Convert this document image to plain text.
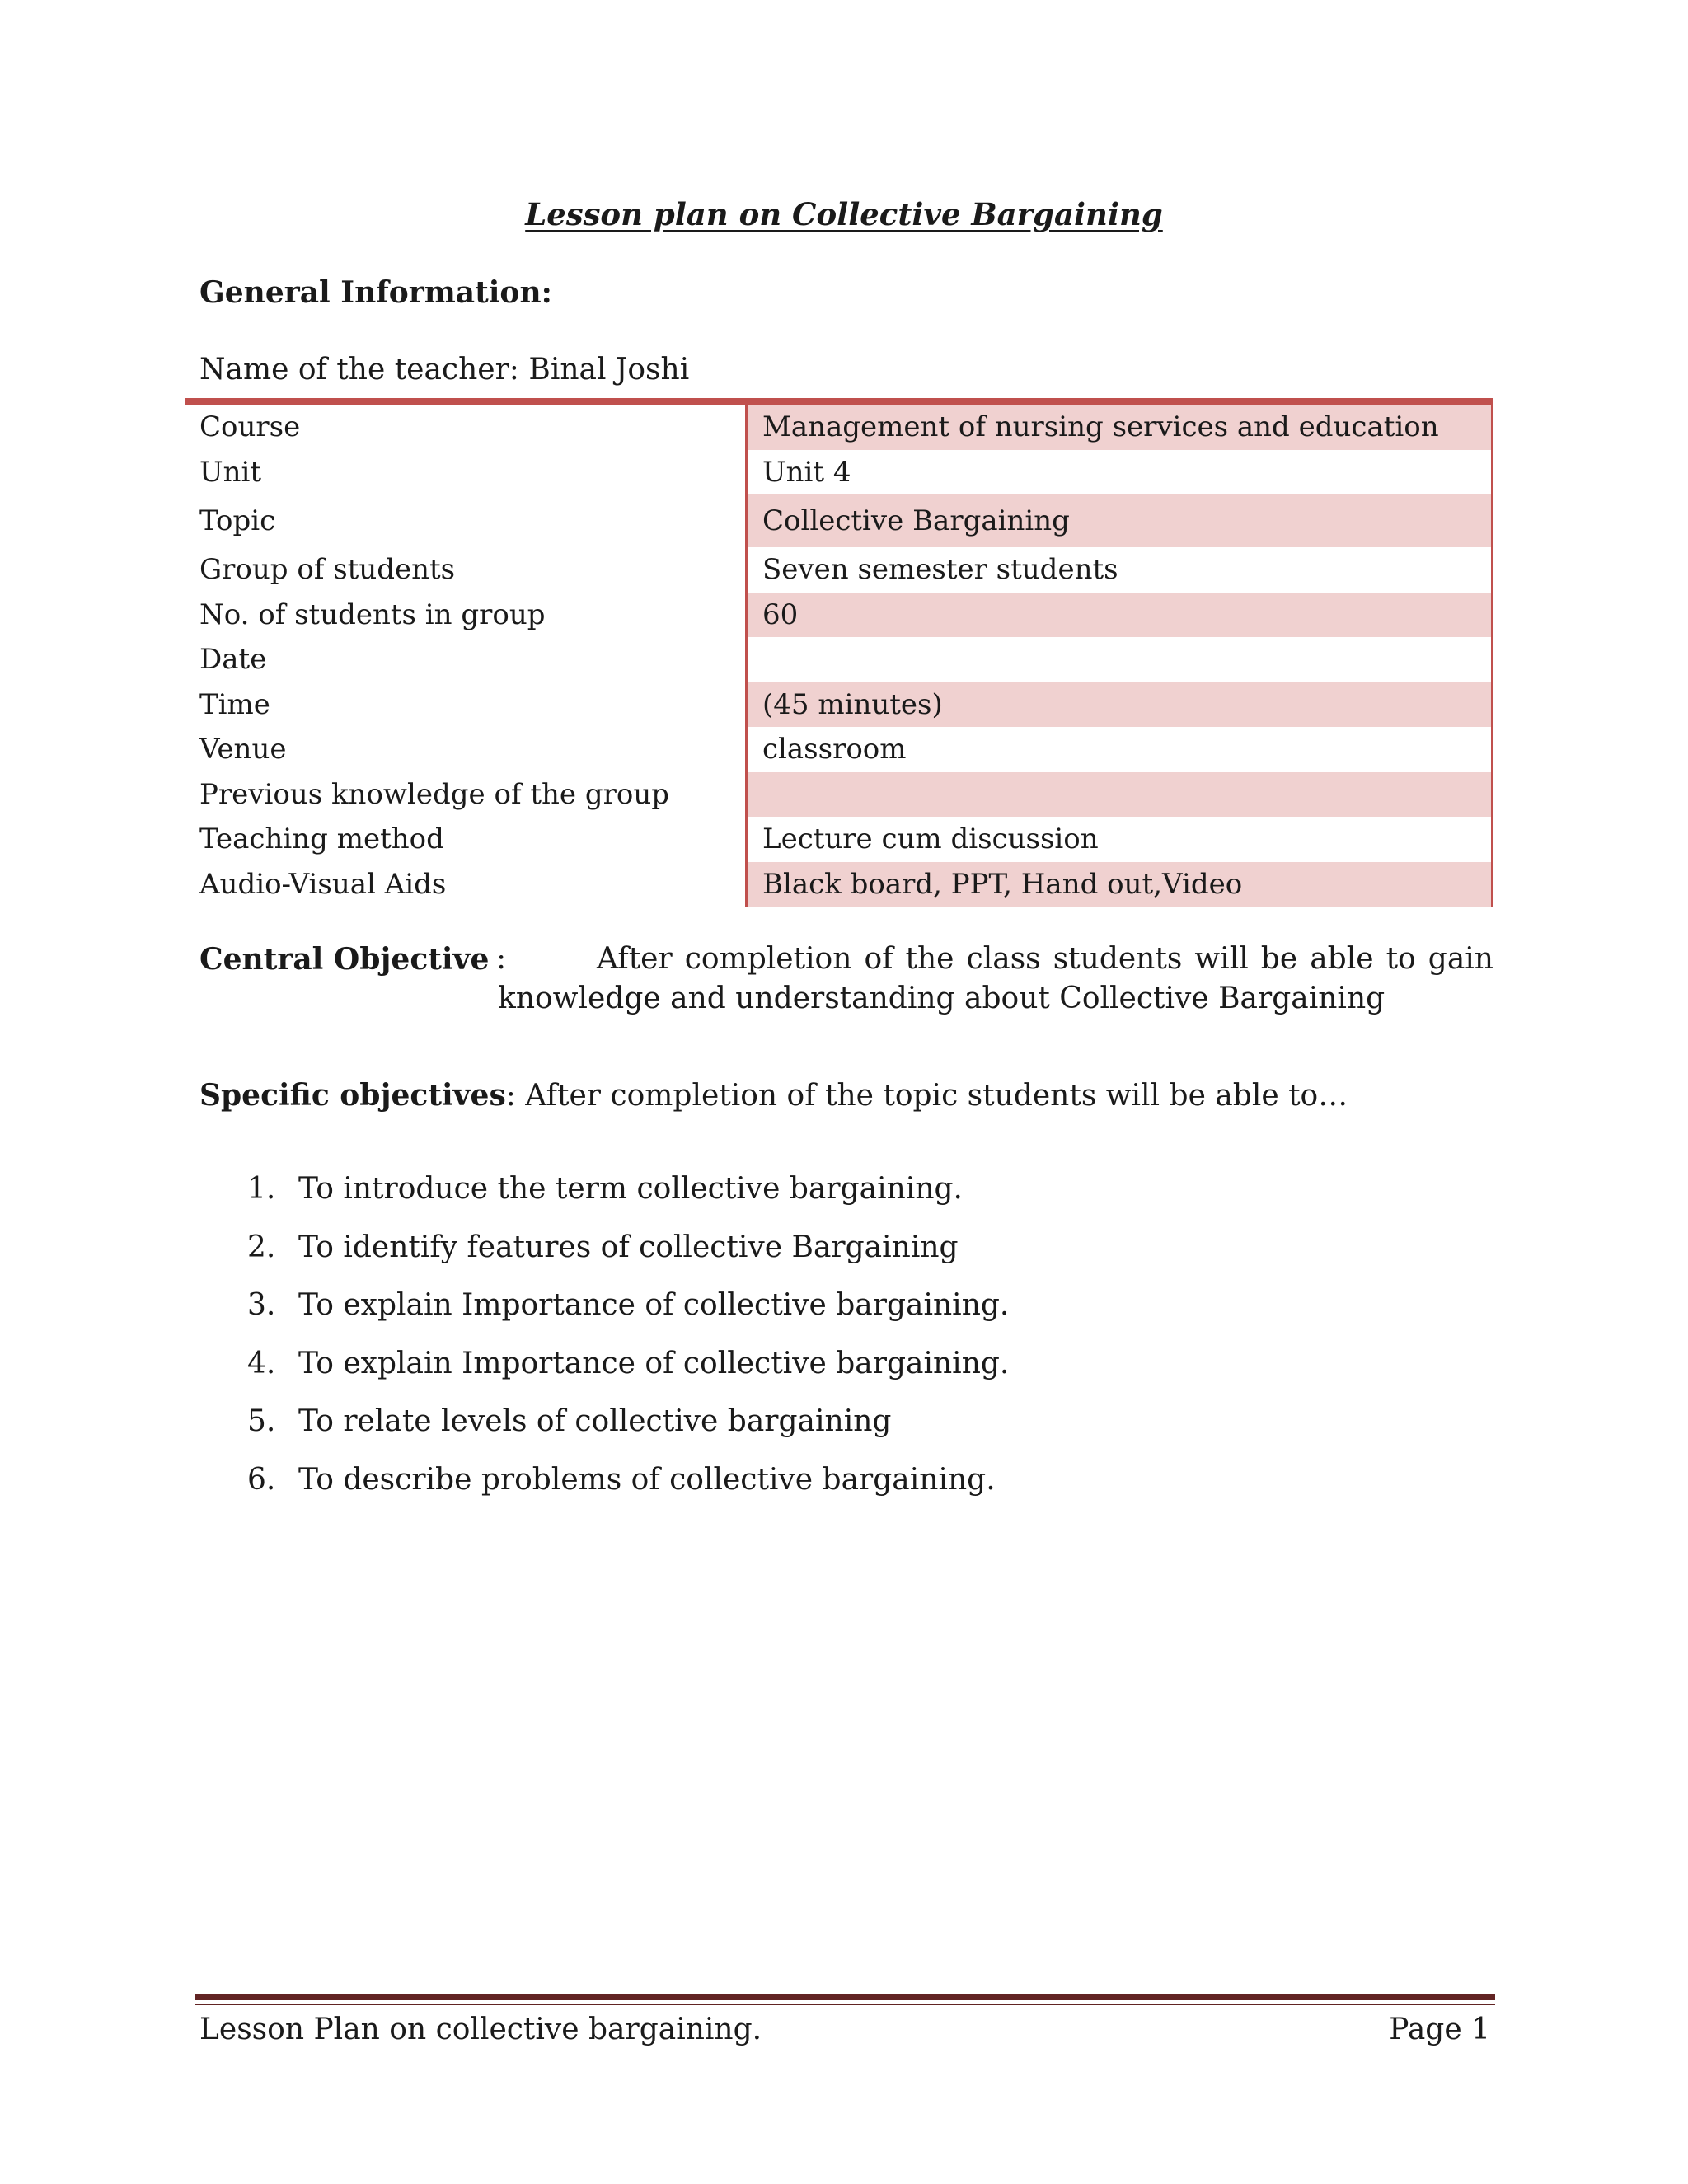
Lesson plan on Collective Bargaining
General Information:
Name of the teacher: Binal Joshi
Course	Management of nursing services and education
Unit	Unit 4
Topic	Collective Bargaining
Group of students	Seven semester students
No. of students in group	60
Date
Time	(45 minutes)
Venue	classroom
Previous knowledge of the group
Teaching method	Lecture cum discussion
Audio-Visual Aids	Black board, PPT, Hand out,Video
Central Objective :	After completion of the class students will be able to gain knowledge and understanding about Collective Bargaining
Specific objectives: After completion of the topic students will be able to…
1. To introduce the term collective bargaining.
2. To identify features of collective Bargaining
3. To explain Importance of collective bargaining.
4. To explain Importance of collective bargaining.
5. To relate levels of collective bargaining
6. To describe problems of collective bargaining.
Lesson Plan on collective bargaining.	Page 1
